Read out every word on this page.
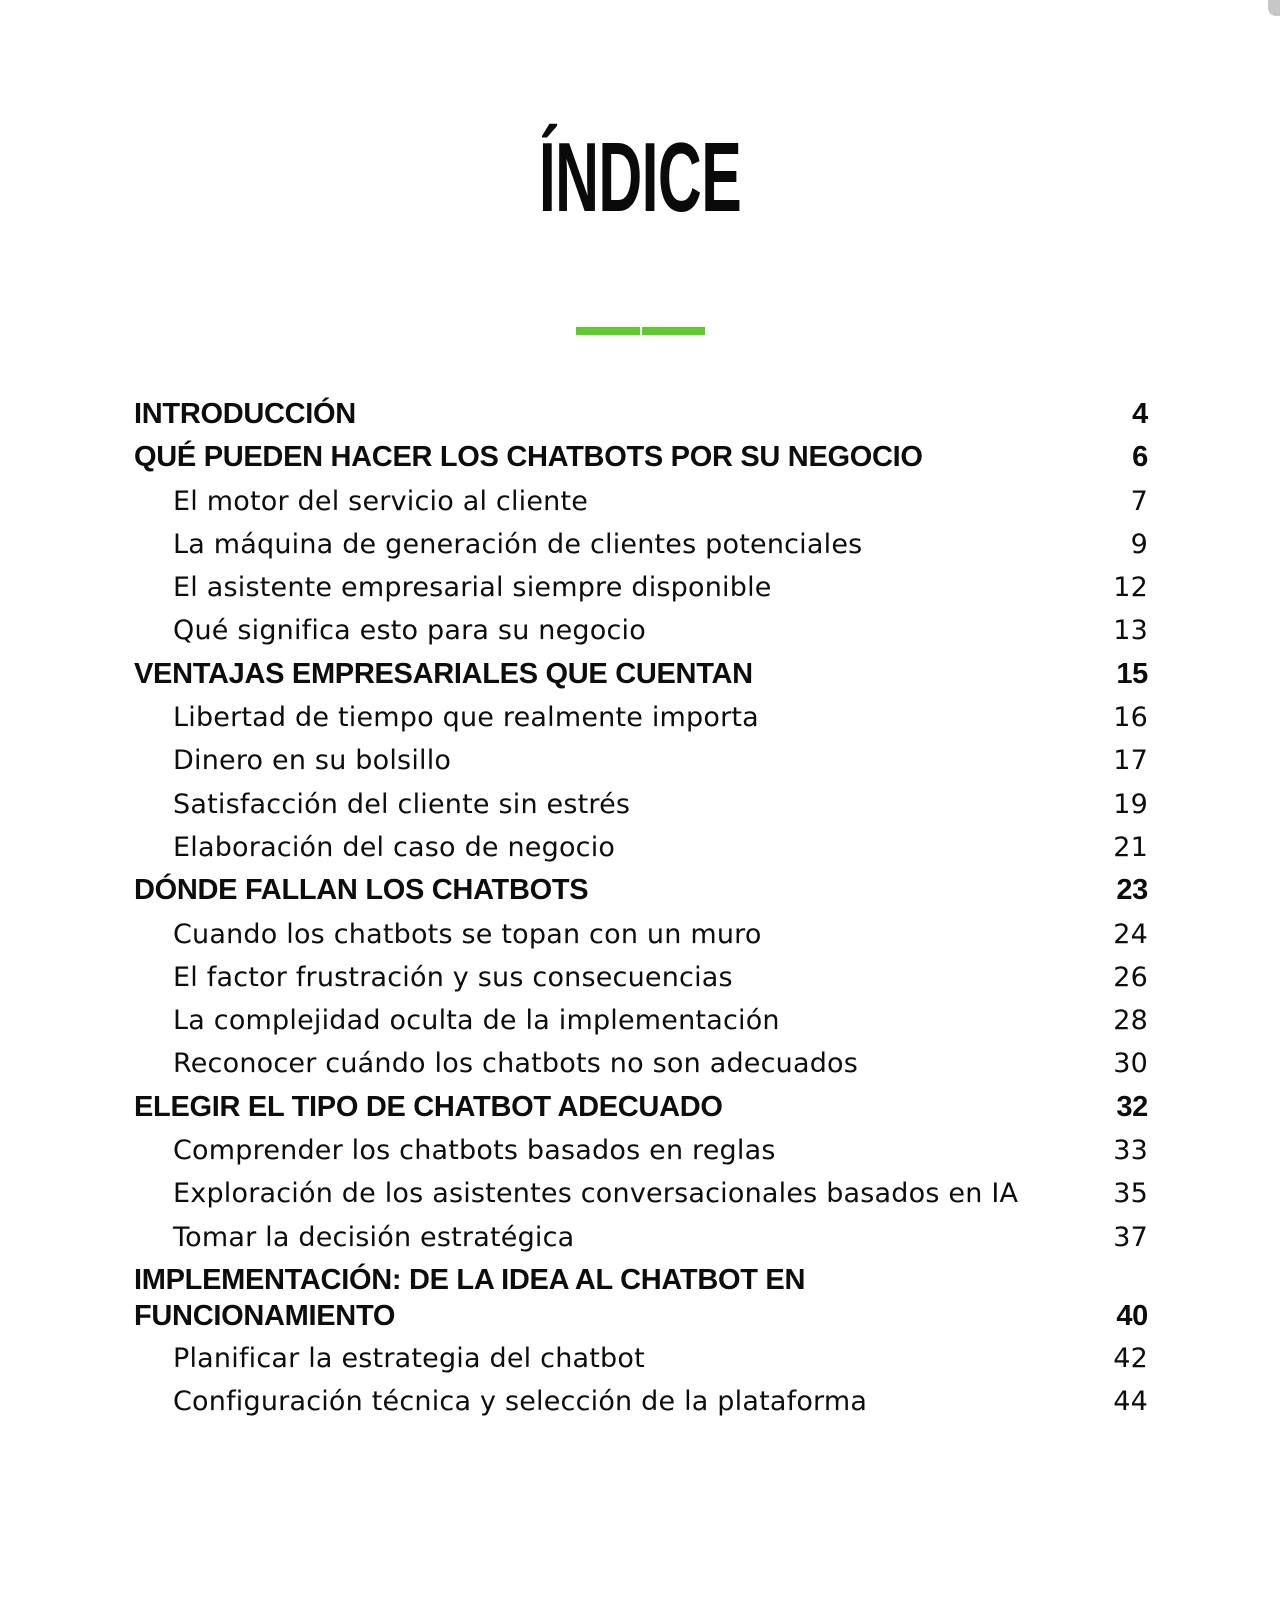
ÍNDICE
INTRODUCCIÓN	4
QUÉ PUEDEN HACER LOS CHATBOTS POR SU NEGOCIO	6
El motor del servicio al cliente	7
La máquina de generación de clientes potenciales	9
El asistente empresarial siempre disponible	12
Qué significa esto para su negocio	13
VENTAJAS EMPRESARIALES QUE CUENTAN	15
Libertad de tiempo que realmente importa	16
Dinero en su bolsillo	17
Satisfacción del cliente sin estrés	19
Elaboración del caso de negocio	21
DÓNDE FALLAN LOS CHATBOTS	23
Cuando los chatbots se topan con un muro	24
El factor frustración y sus consecuencias	26
La complejidad oculta de la implementación	28
Reconocer cuándo los chatbots no son adecuados	30
ELEGIR EL TIPO DE CHATBOT ADECUADO	32
Comprender los chatbots basados en reglas	33
Exploración de los asistentes conversacionales basados en IA	35
Tomar la decisión estratégica	37
IMPLEMENTACIÓN: DE LA IDEA AL CHATBOT EN FUNCIONAMIENTO	40
Planificar la estrategia del chatbot	42
Configuración técnica y selección de la plataforma	44
